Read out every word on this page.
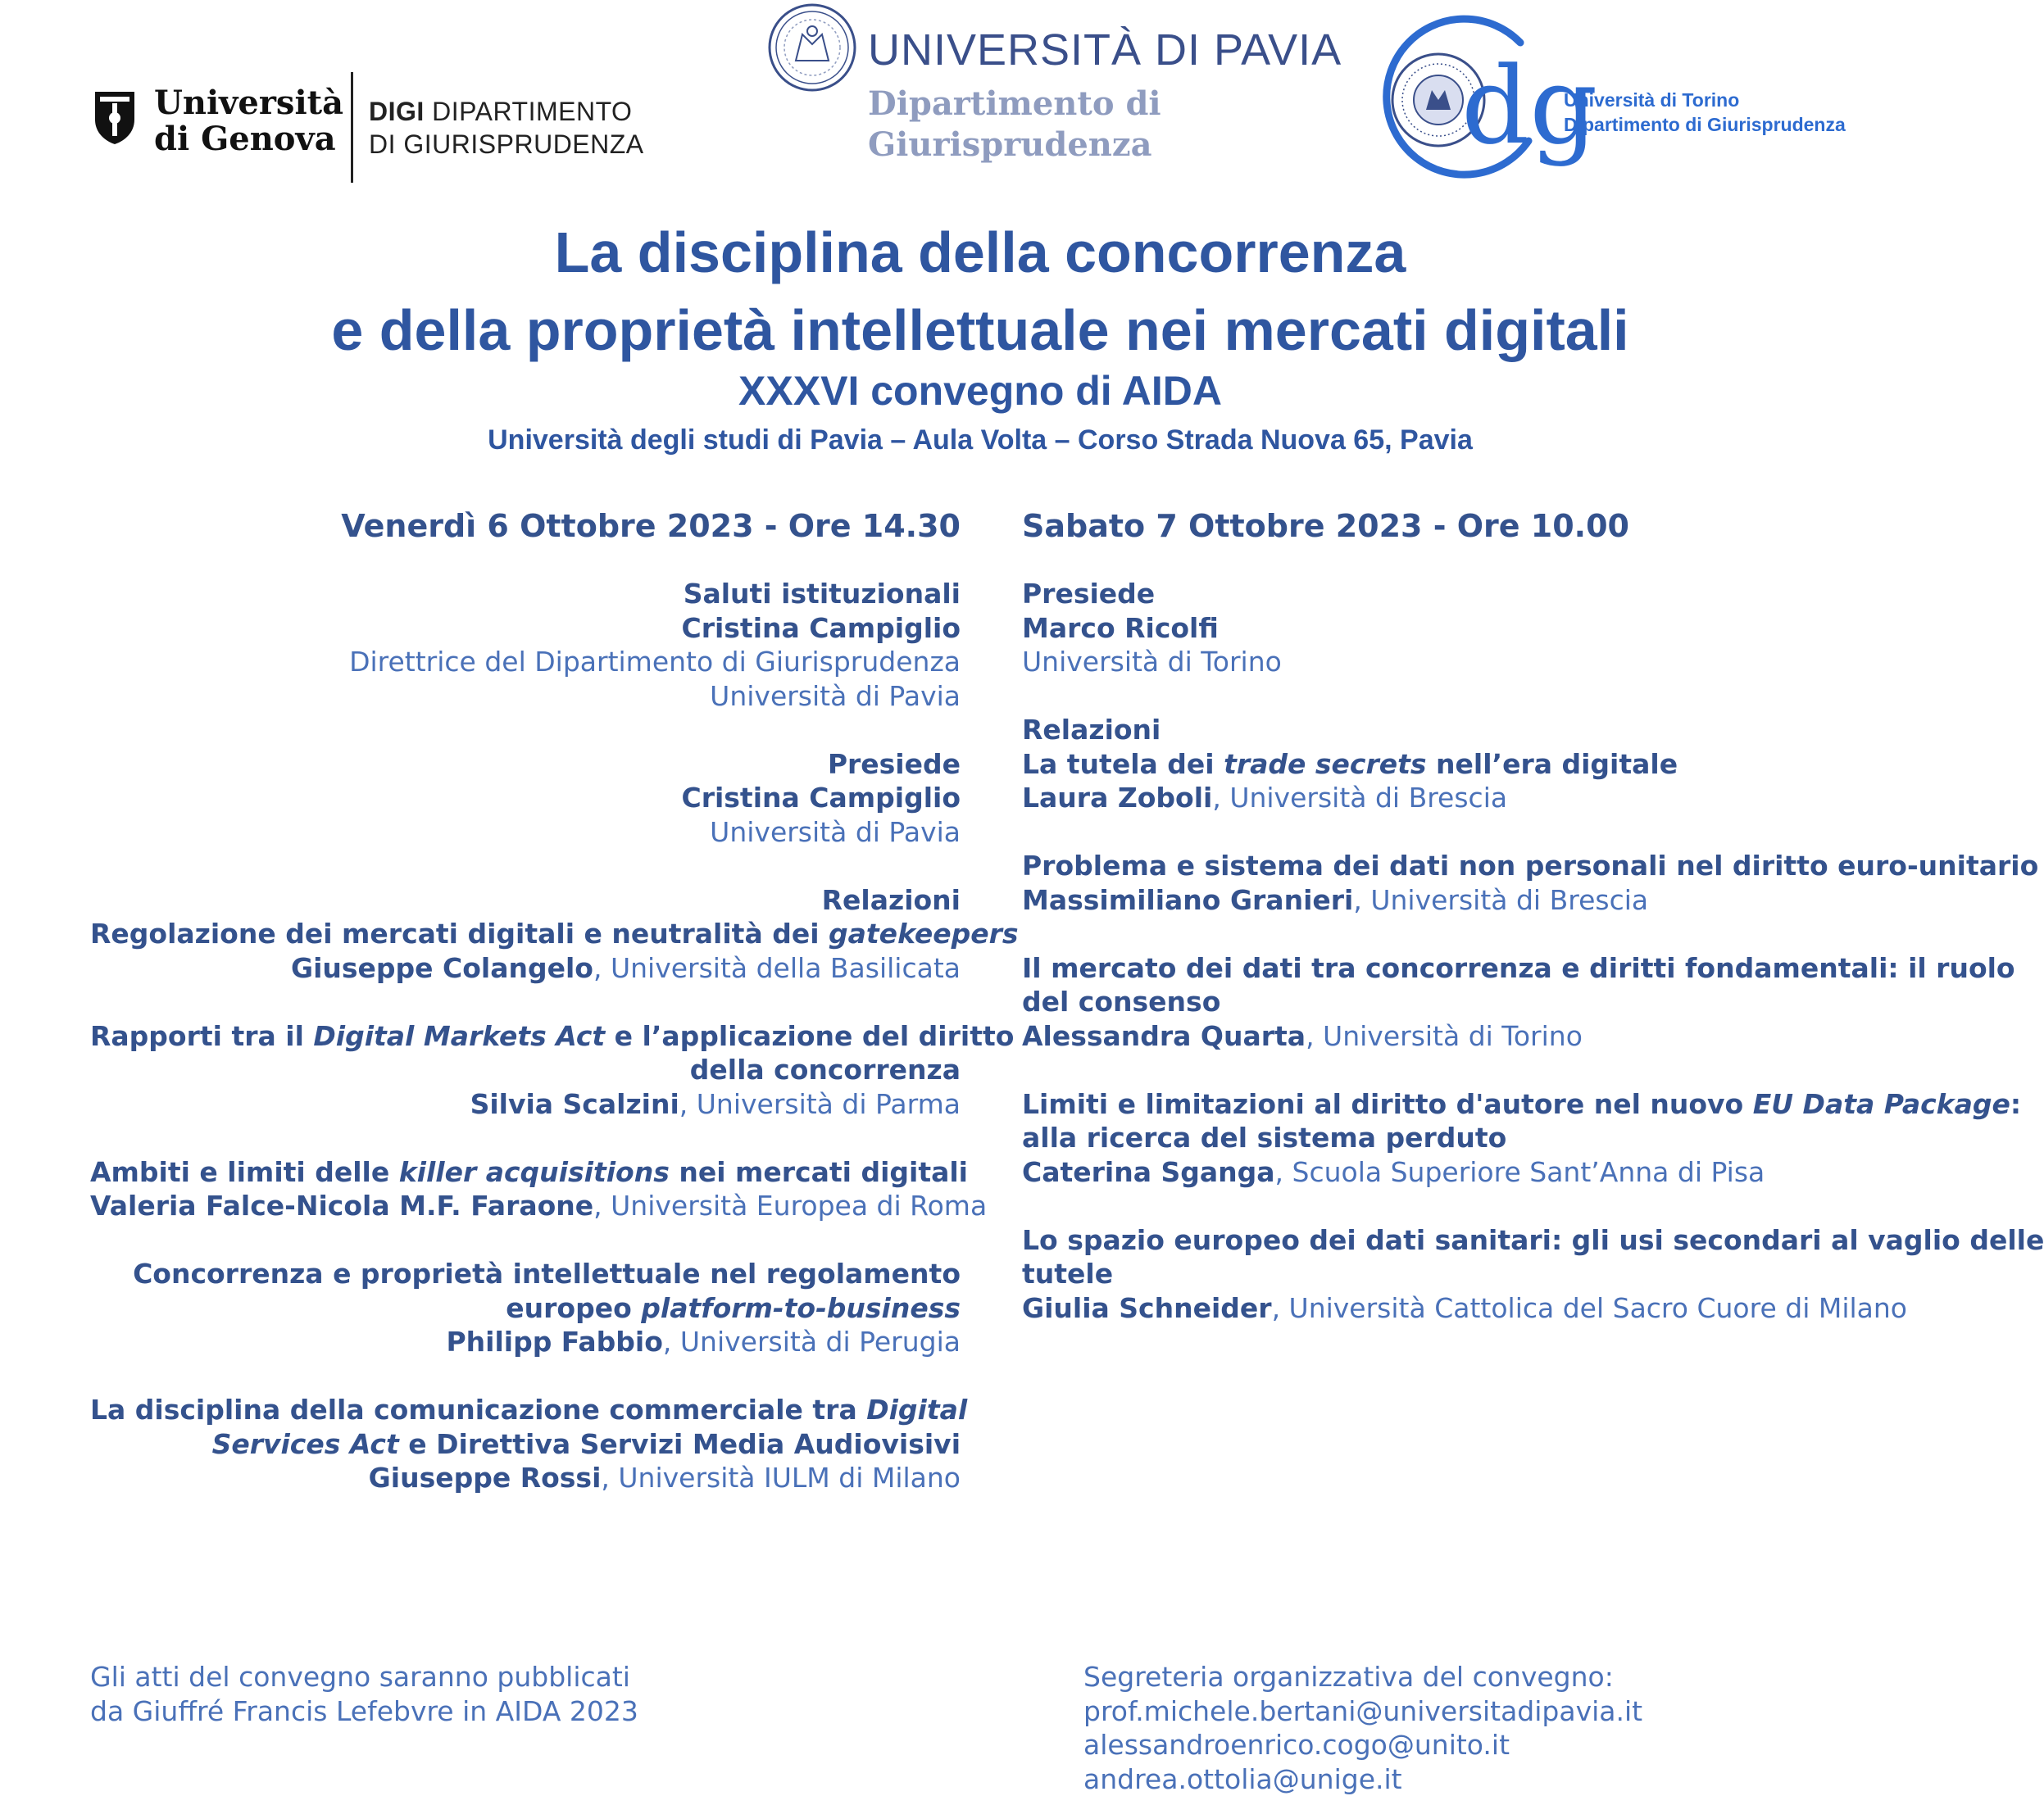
Università
di Genova
DIGI DIPARTIMENTO
DI GIURISPRUDENZA
UNIVERSITÀ DI PAVIA
Dipartimento di
Giurisprudenza	dg
Università di Torino
Dipartimento di Giurisprudenza
La disciplina della concorrenza
e della proprietà intellettuale nei mercati digitali
XXXVI convegno di AIDA
Università degli studi di Pavia – Aula Volta – Corso Strada Nuova 65, Pavia
Venerdì 6 Ottobre 2023 - Ore 14.30
Saluti istituzionali
Cristina Campiglio
Direttrice del Dipartimento di Giurisprudenza
Università di Pavia
Presiede
Cristina Campiglio
Università di Pavia
Relazioni
Regolazione dei mercati digitali e neutralità dei gatekeepers
Giuseppe Colangelo, Università della Basilicata
Rapporti tra il Digital Markets Act e l’applicazione del diritto
della concorrenza
Silvia Scalzini, Università di Parma
Ambiti e limiti delle killer acquisitions nei mercati digitali
Valeria Falce-Nicola M.F. Faraone, Università Europea di Roma
Concorrenza e proprietà intellettuale nel regolamento
europeo platform-to-business
Philipp Fabbio, Università di Perugia
La disciplina della comunicazione commerciale tra Digital
Services Act e Direttiva Servizi Media Audiovisivi
Giuseppe Rossi, Università IULM di Milano
Sabato 7 Ottobre 2023 - Ore 10.00
Presiede
Marco Ricolfi
Università di Torino
Relazioni
La tutela dei trade secrets nell’era digitale
Laura Zoboli, Università di Brescia
Problema e sistema dei dati non personali nel diritto euro-unitario
Massimiliano Granieri, Università di Brescia
Il mercato dei dati tra concorrenza e diritti fondamentali: il ruolo
del consenso
Alessandra Quarta, Università di Torino
Limiti e limitazioni al diritto d'autore nel nuovo EU Data Package:
alla ricerca del sistema perduto
Caterina Sganga, Scuola Superiore Sant’Anna di Pisa
Lo spazio europeo dei dati sanitari: gli usi secondari al vaglio delle
tutele
Giulia Schneider, Università Cattolica del Sacro Cuore di Milano
Gli atti del convegno saranno pubblicati
da Giuffré Francis Lefebvre in AIDA 2023
Segreteria organizzativa del convegno:
prof.michele.bertani@universitadipavia.it
alessandroenrico.cogo@unito.it
andrea.ottolia@unige.it
